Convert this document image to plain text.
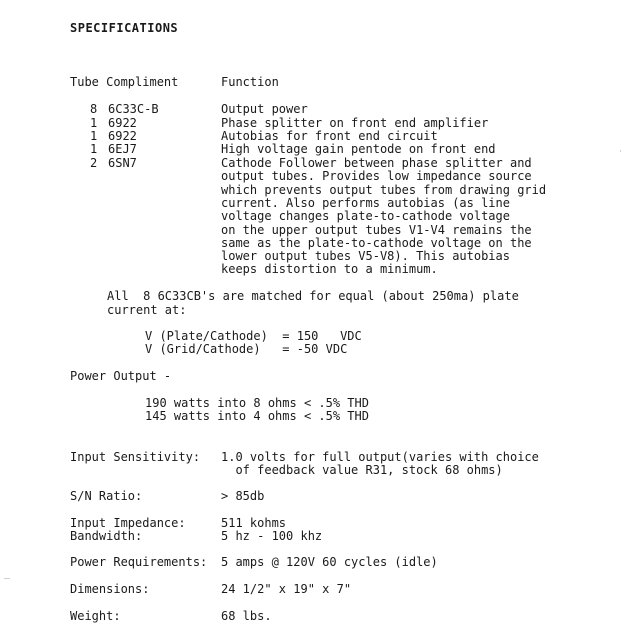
SPECIFICATIONS
Tube Compliment	Function
8 6C33C-B	Output power
1 6922	Phase splitter on front end amplifier
1 6922	Autobias for front end circuit
1 6EJ7	High voltage gain pentode on front end
2 6SN7	Cathode Follower between phase splitter and
output tubes. Provides low impedance source
which prevents output tubes from drawing grid
current. Also performs autobias (as line
voltage changes plate-to-cathode voltage
on the upper output tubes V1-V4 remains the
same as the plate-to-cathode voltage on the
lower output tubes V5-V8). This autobias
keeps distortion to a minimum.
All  8 6C33CB's are matched for equal (about 250ma) plate
current at:
V (Plate/Cathode)  = 150   VDC
V (Grid/Cathode)   = -50 VDC
Power Output -
190 watts into 8 ohms < .5% THD
145 watts into 4 ohms < .5% THD
Input Sensitivity: 1.0 volts for full output(varies with choice
of feedback value R31, stock 68 ohms)
S/N Ratio:	> 85db
Input Impedance:	511 kohms
Bandwidth:	5 hz - 100 khz
Power Requirements: 5 amps @ 120V 60 cycles (idle)
Dimensions:	24 1/2" x 19" x 7"
Weight:	68 lbs.
